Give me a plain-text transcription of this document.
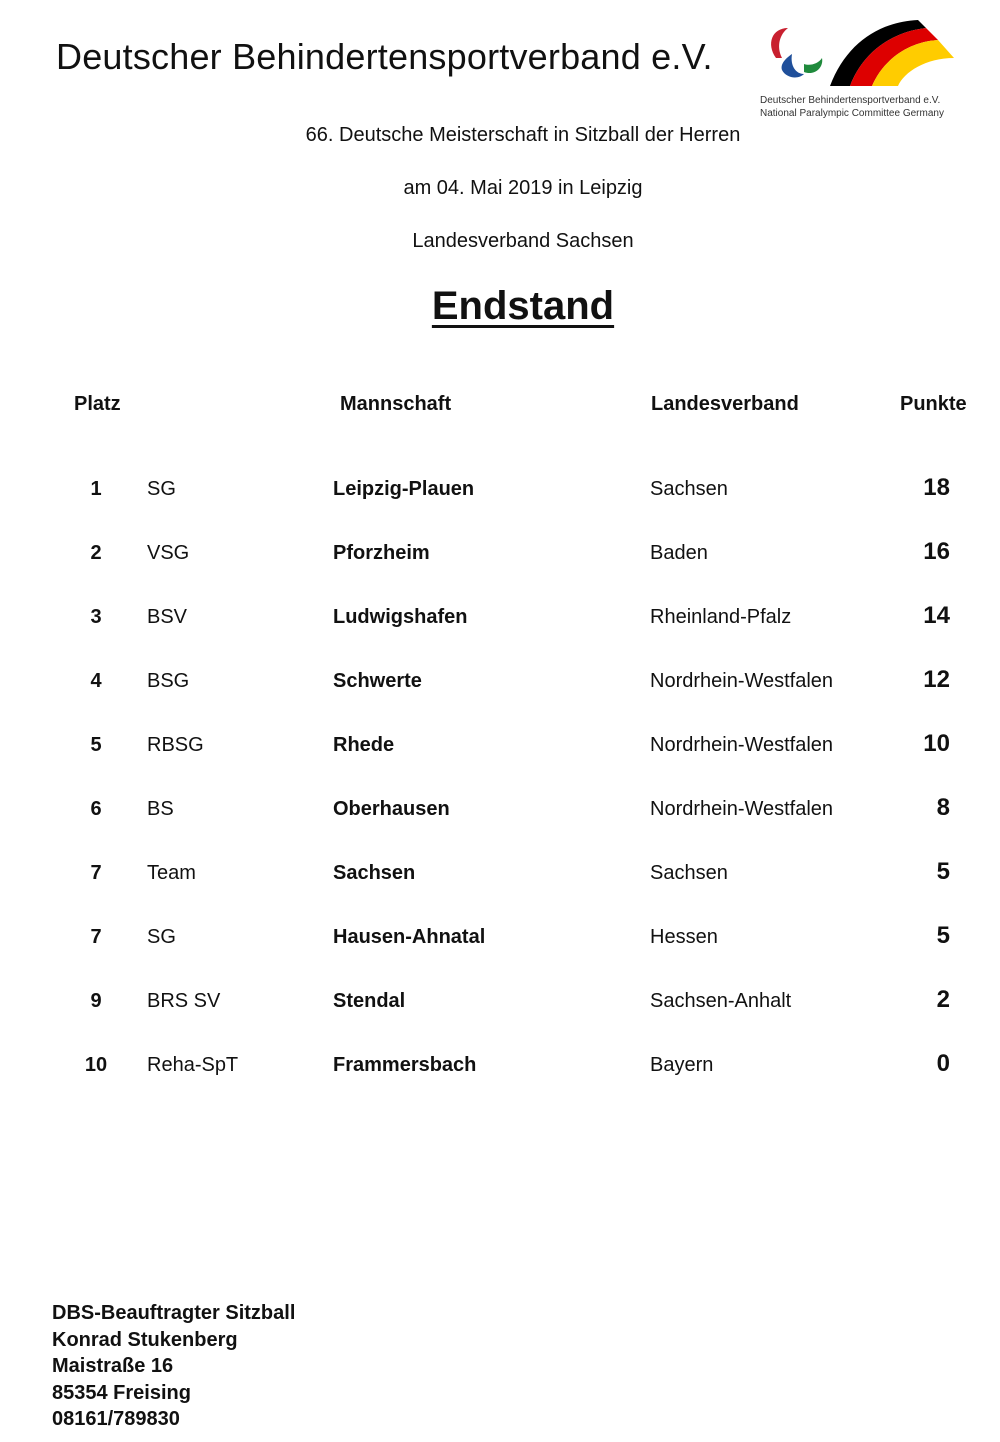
Deutscher Behindertensportverband e.V.
Deutscher Behindertensportverband e.V.
National Paralympic Committee Germany
66. Deutsche Meisterschaft in Sitzball der Herren
am 04. Mai 2019 in Leipzig
Landesverband Sachsen
Endstand
Platz	Mannschaft	Landesverband	Punkte
1	SG	Leipzig-Plauen	Sachsen	18
2	VSG	Pforzheim	Baden	16
3	BSV	Ludwigshafen	Rheinland-Pfalz	14
4	BSG	Schwerte	Nordrhein-Westfalen	12
5	RBSG	Rhede	Nordrhein-Westfalen	10
6	BS	Oberhausen	Nordrhein-Westfalen	8
7	Team	Sachsen	Sachsen	5
7	SG	Hausen-Ahnatal	Hessen	5
9	BRS SV	Stendal	Sachsen-Anhalt	2
10	Reha-SpT	Frammersbach	Bayern	0
DBS-Beauftragter Sitzball
Konrad Stukenberg
Maistraße 16
85354 Freising
08161/789830
